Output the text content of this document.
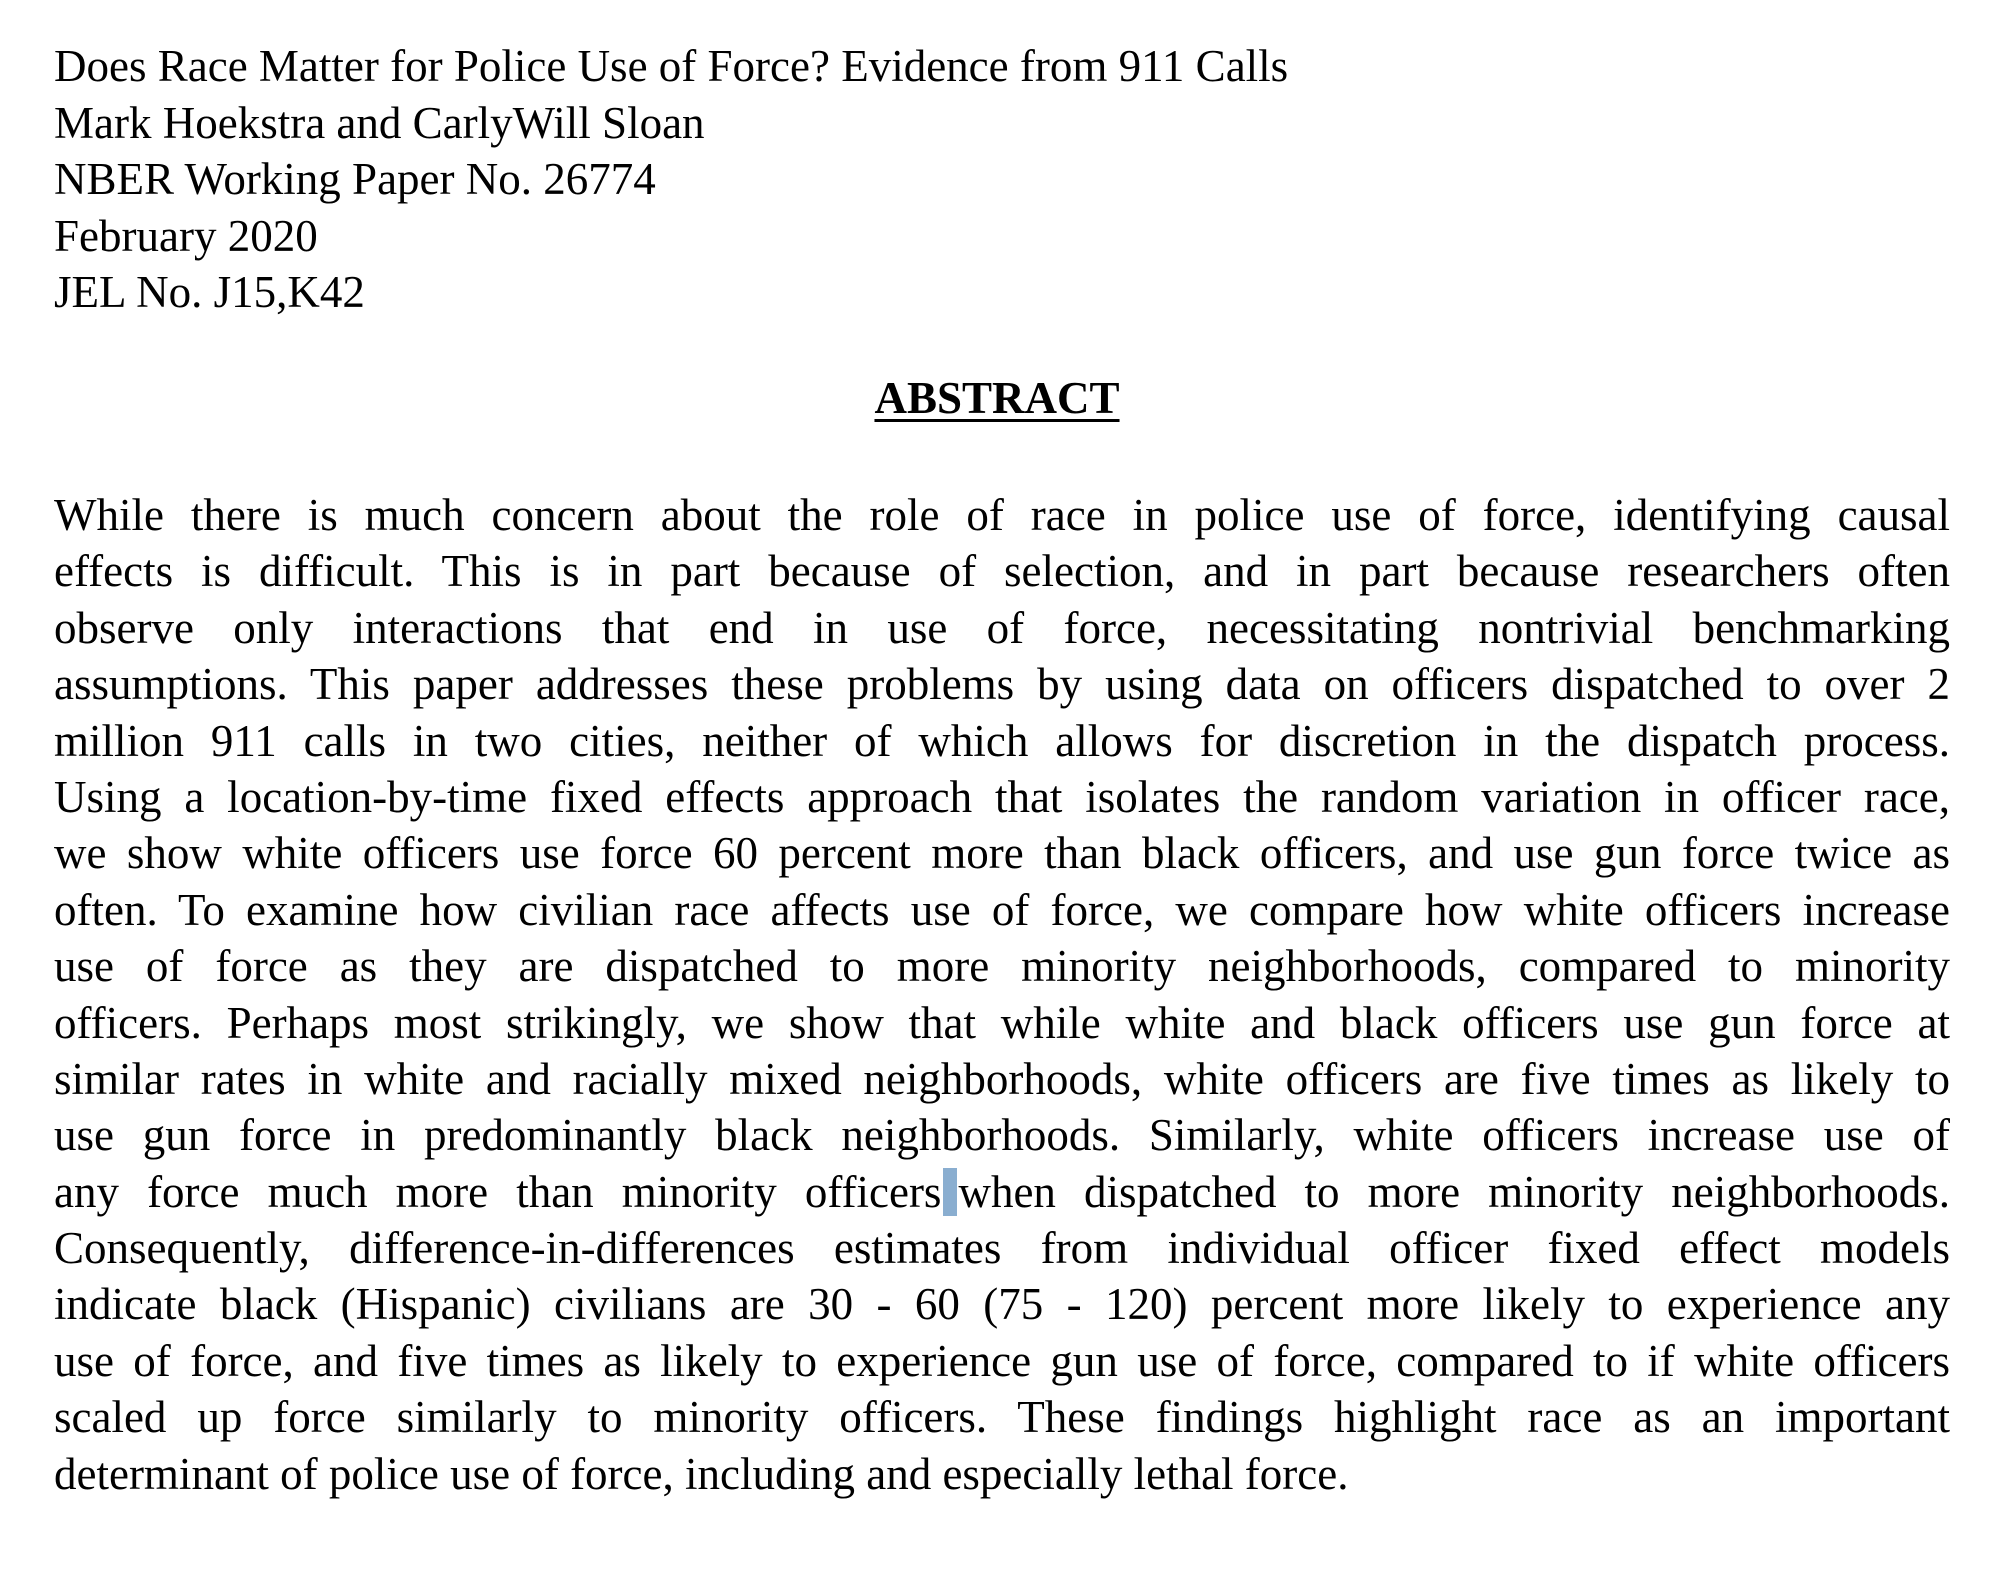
Does Race Matter for Police Use of Force? Evidence from 911 Calls
Mark Hoekstra and CarlyWill Sloan
NBER Working Paper No. 26774
February 2020
JEL No. J15,K42
ABSTRACT
While there is much concern about the role of race in police use of force, identifying causal
effects is difficult. This is in part because of selection, and in part because researchers often
observe only interactions that end in use of force, necessitating nontrivial benchmarking
assumptions. This paper addresses these problems by using data on officers dispatched to over 2
million 911 calls in two cities, neither of which allows for discretion in the dispatch process.
Using a location-by-time fixed effects approach that isolates the random variation in officer race,
we show white officers use force 60 percent more than black officers, and use gun force twice as
often. To examine how civilian race affects use of force, we compare how white officers increase
use of force as they are dispatched to more minority neighborhoods, compared to minority
officers. Perhaps most strikingly, we show that while white and black officers use gun force at
similar rates in white and racially mixed neighborhoods, white officers are five times as likely to
use gun force in predominantly black neighborhoods. Similarly, white officers increase use of
any force much more than minority officers when dispatched to more minority neighborhoods.
Consequently, difference-in-differences estimates from individual officer fixed effect models
indicate black (Hispanic) civilians are 30 - 60 (75 - 120) percent more likely to experience any
use of force, and five times as likely to experience gun use of force, compared to if white officers
scaled up force similarly to minority officers. These findings highlight race as an important
determinant of police use of force, including and especially lethal force.
